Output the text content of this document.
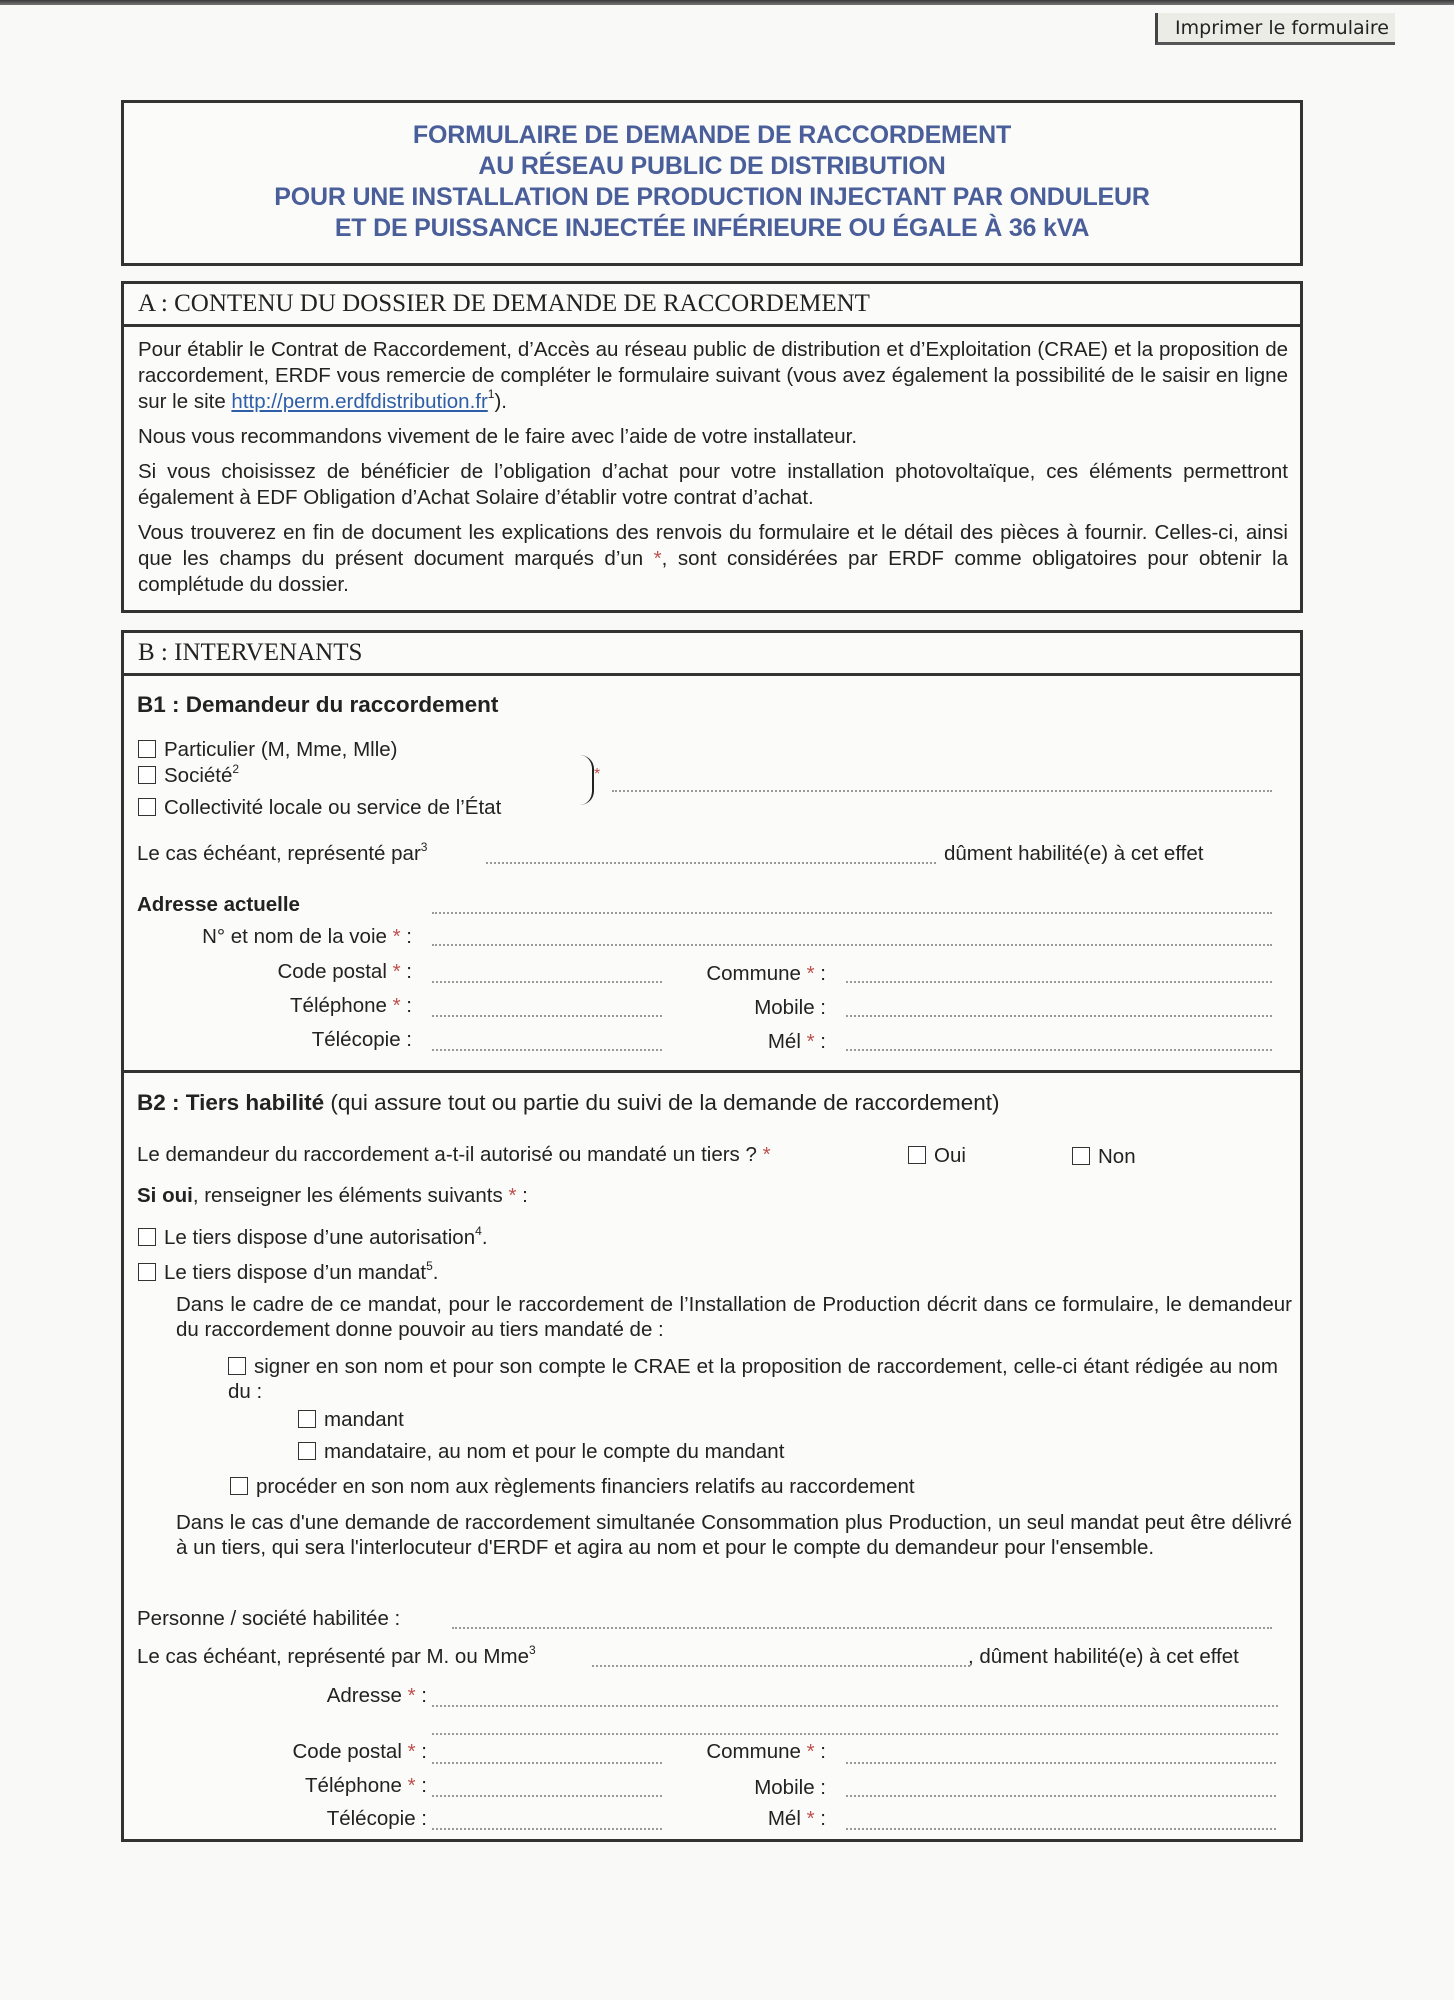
Imprimer le formulaire
FORMULAIRE DE DEMANDE DE RACCORDEMENT
AU RÉSEAU PUBLIC DE DISTRIBUTION
POUR UNE INSTALLATION DE PRODUCTION INJECTANT PAR ONDULEUR
ET DE PUISSANCE INJECTÉE INFÉRIEURE OU ÉGALE À 36 kVA
A : CONTENU DU DOSSIER DE DEMANDE DE RACCORDEMENT

Pour établir le Contrat de Raccordement, d’Accès au réseau public de distribution et d’Exploitation (CRAE) et la proposition de raccordement, ERDF vous remercie de compléter le formulaire suivant (vous avez également la possibilité de le saisir en ligne sur le site $http://perm.erdfdistribution.fr^1$).

Nous vous recommandons vivement de le faire avec l’aide de votre installateur.

Si vous choisissez de bénéficier de l’obligation d’achat pour votre installation photovoltaïque, ces éléments permettront également à EDF Obligation d’Achat Solaire d’établir votre contrat d’achat.

Vous trouverez en fin de document les explications des renvois du formulaire et le détail des pièces à fournir. Celles-ci, ainsi que les champs du présent document marqués d’un *, sont considérées par ERDF comme obligatoires pour obtenir la complétude du dossier.

B : INTERVENANTS
B1 : Demandeur du raccordement
Particulier (M, Mme, Mlle)
Société$^2$
Collectivité locale ou service de l’État
*
Le cas échéant, représenté par$^3$	dûment habilité(e) à cet effet
Adresse actuelle
N° et nom de la voie * :
Code postal * :	Commune * :
Téléphone * :	Mobile :
Télécopie :	Mél * :
B2 : Tiers habilité (qui assure tout ou partie du suivi de la demande de raccordement)
Le demandeur du raccordement a-t-il autorisé ou mandaté un tiers ? *	Oui	Non
Si oui, renseigner les éléments suivants * :
Le tiers dispose d’une autorisation$^4$.
Le tiers dispose d’un mandat$^5$.
Dans le cadre de ce mandat, pour le raccordement de l’Installation de Production décrit dans ce formulaire, le demandeur du raccordement donne pouvoir au tiers mandaté de :
signer en son nom et pour son compte le CRAE et la proposition de raccordement, celle-ci étant rédigée au nom du :
mandant
mandataire, au nom et pour le compte du mandant
procéder en son nom aux règlements financiers relatifs au raccordement
Dans le cas d'une demande de raccordement simultanée Consommation plus Production, un seul mandat peut être délivré à un tiers, qui sera l'interlocuteur d'ERDF et agira au nom et pour le compte du demandeur pour l'ensemble.
Personne / société habilitée :
Le cas échéant, représenté par M. ou Mme$^3$	, dûment habilité(e) à cet effet
Adresse * :
Code postal * :	Commune * :
Téléphone * :	Mobile :
Télécopie :	Mél * :
